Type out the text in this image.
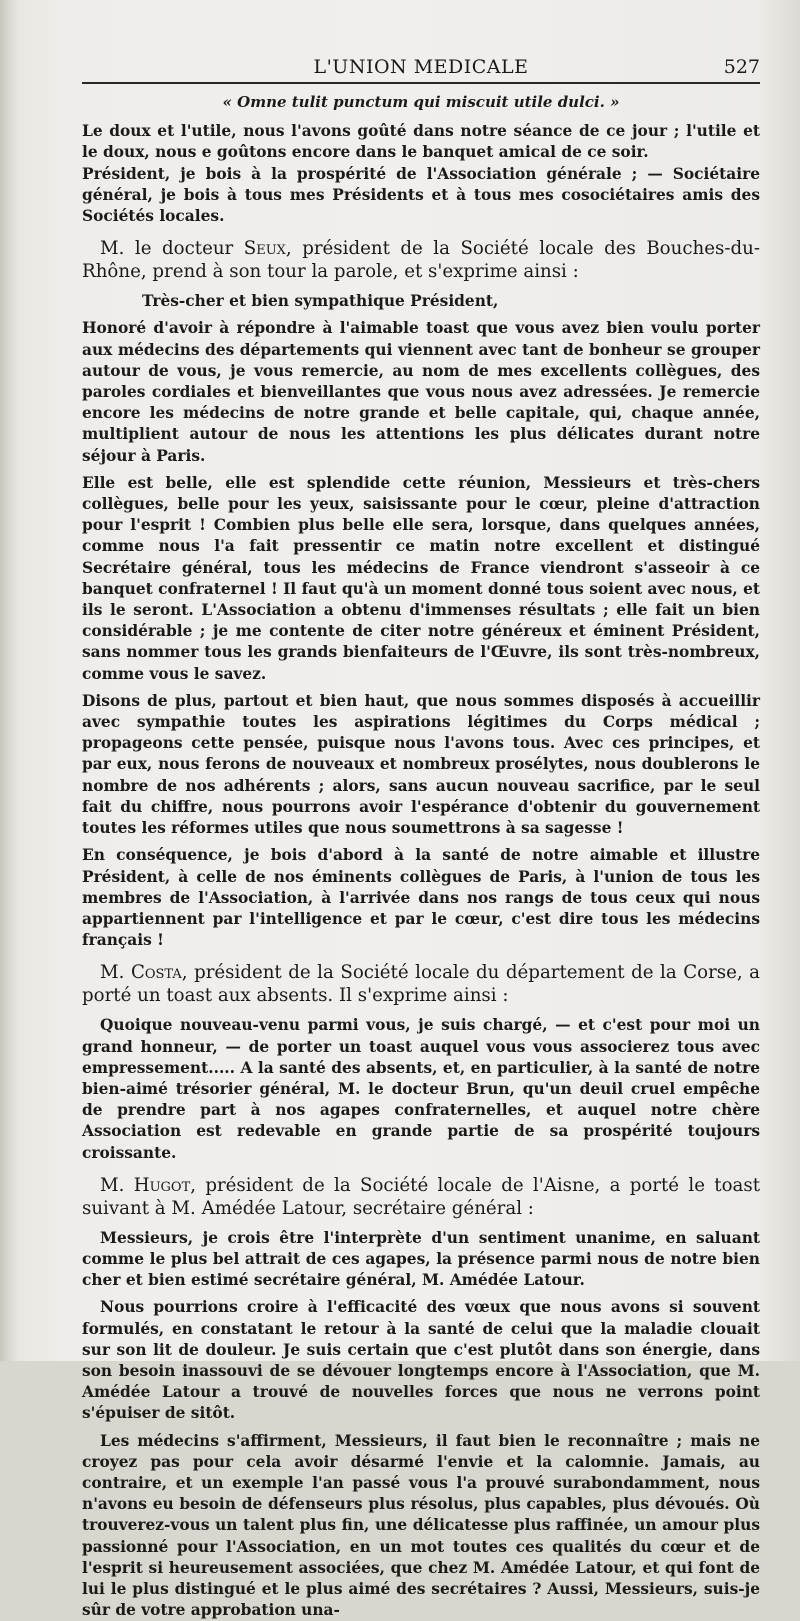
L'UNION MEDICALE	527

« Omne tulit punctum qui miscuit utile dulci. »

Le doux et l'utile, nous l'avons goûté dans notre séance de ce jour ; l'utile et le doux, nous e goûtons encore dans le banquet amical de ce soir.

Président, je bois à la prospérité de l'Association générale ; — Sociétaire général, je bois à tous mes Présidents et à tous mes cosociétaires amis des Sociétés locales.

M. le docteur Seux, président de la Société locale des Bouches-du-Rhône, prend à son tour la parole, et s'exprime ainsi :

Très-cher et bien sympathique Président,

Honoré d'avoir à répondre à l'aimable toast que vous avez bien voulu porter aux médecins des départements qui viennent avec tant de bonheur se grouper autour de vous, je vous remercie, au nom de mes excellents collègues, des paroles cordiales et bienveillantes que vous nous avez adressées. Je remercie encore les médecins de notre grande et belle capitale, qui, chaque année, multiplient autour de nous les attentions les plus délicates durant notre séjour à Paris.

Elle est belle, elle est splendide cette réunion, Messieurs et très-chers collègues, belle pour les yeux, saisissante pour le cœur, pleine d'attraction pour l'esprit ! Combien plus belle elle sera, lorsque, dans quelques années, comme nous l'a fait pressentir ce matin notre excellent et distingué Secrétaire général, tous les médecins de France viendront s'asseoir à ce banquet confraternel ! Il faut qu'à un moment donné tous soient avec nous, et ils le seront. L'Association a obtenu d'immenses résultats ; elle fait un bien considérable ; je me contente de citer notre généreux et éminent Président, sans nommer tous les grands bienfaiteurs de l'Œuvre, ils sont très-nombreux, comme vous le savez.

Disons de plus, partout et bien haut, que nous sommes disposés à accueillir avec sympathie toutes les aspirations légitimes du Corps médical ; propageons cette pensée, puisque nous l'avons tous. Avec ces principes, et par eux, nous ferons de nouveaux et nombreux prosélytes, nous doublerons le nombre de nos adhérents ; alors, sans aucun nouveau sacrifice, par le seul fait du chiffre, nous pourrons avoir l'espérance d'obtenir du gouvernement toutes les réformes utiles que nous soumettrons à sa sagesse !

En conséquence, je bois d'abord à la santé de notre aimable et illustre Président, à celle de nos éminents collègues de Paris, à l'union de tous les membres de l'Association, à l'arrivée dans nos rangs de tous ceux qui nous appartiennent par l'intelligence et par le cœur, c'est dire tous les médecins français !

M. Costa, président de la Société locale du département de la Corse, a porté un toast aux absents. Il s'exprime ainsi :

Quoique nouveau-venu parmi vous, je suis chargé, — et c'est pour moi un grand honneur, — de porter un toast auquel vous vous associerez tous avec empressement..... A la santé des absents, et, en particulier, à la santé de notre bien-aimé trésorier général, M. le docteur Brun, qu'un deuil cruel empêche de prendre part à nos agapes confraternelles, et auquel notre chère Association est redevable en grande partie de sa prospérité toujours croissante.

M. Hugot, président de la Société locale de l'Aisne, a porté le toast suivant à M. Amédée Latour, secrétaire général :

Messieurs, je crois être l'interprète d'un sentiment unanime, en saluant comme le plus bel attrait de ces agapes, la présence parmi nous de notre bien cher et bien estimé secrétaire général, M. Amédée Latour.

Nous pourrions croire à l'efficacité des vœux que nous avons si souvent formulés, en constatant le retour à la santé de celui que la maladie clouait sur son lit de douleur. Je suis certain que c'est plutôt dans son énergie, dans son besoin inassouvi de se dévouer longtemps encore à l'Association, que M. Amédée Latour a trouvé de nouvelles forces que nous ne verrons point s'épuiser de sitôt.

Les médecins s'affirment, Messieurs, il faut bien le reconnaître ; mais ne croyez pas pour cela avoir désarmé l'envie et la calomnie. Jamais, au contraire, et un exemple l'an passé vous l'a prouvé surabondamment, nous n'avons eu besoin de défenseurs plus résolus, plus capables, plus dévoués. Où trouverez-vous un talent plus fin, une délicatesse plus raffinée, un amour plus passionné pour l'Association, en un mot toutes ces qualités du cœur et de l'esprit si heureusement associées, que chez M. Amédée Latour, et qui font de lui le plus distingué et le plus aimé des secrétaires ? Aussi, Messieurs, suis-je sûr de votre approbation una-
